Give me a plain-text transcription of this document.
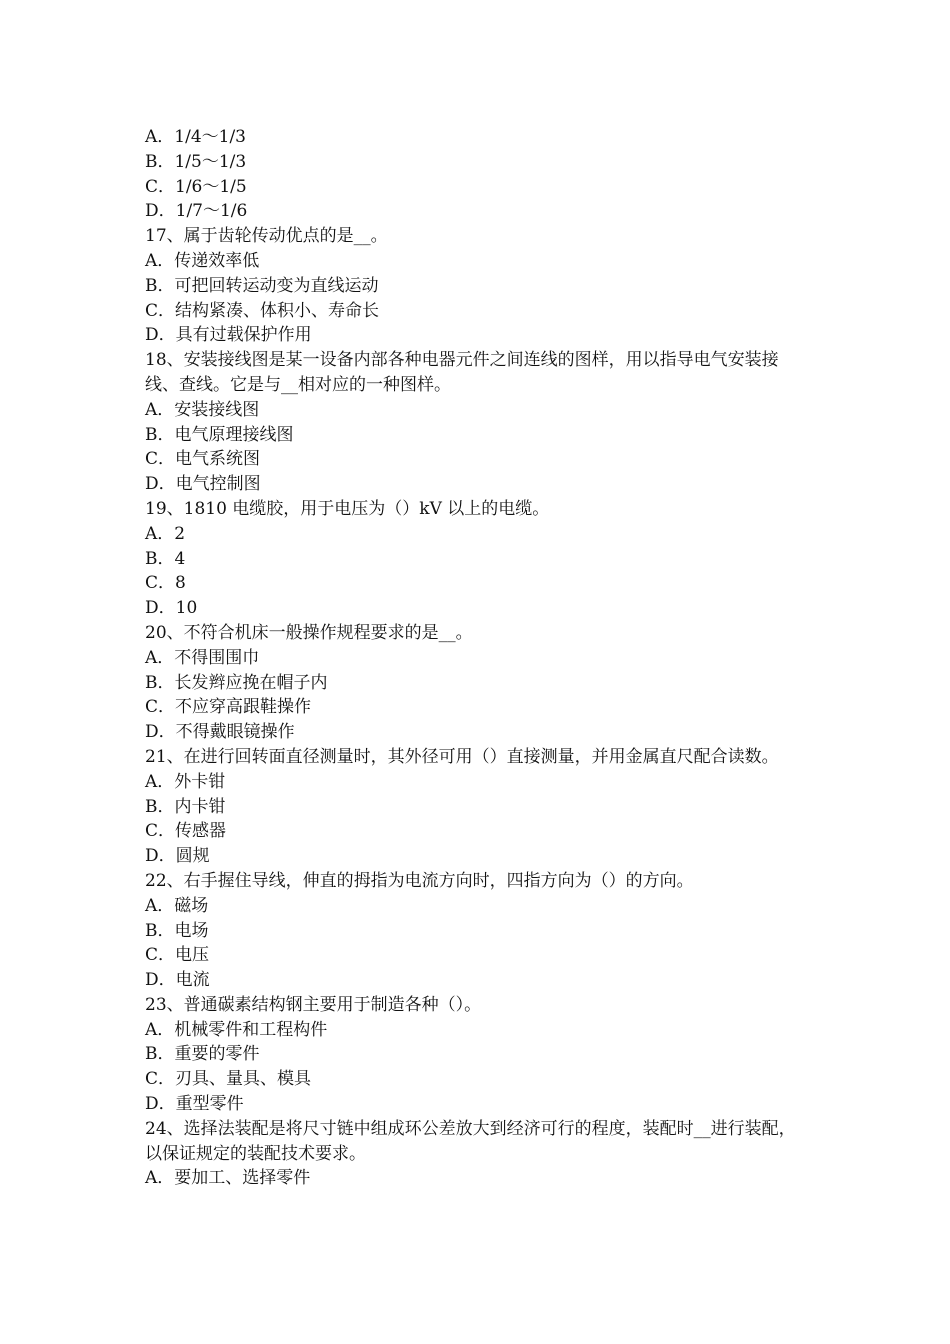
A．1/4～1/3

B．1/5～1/3

C．1/6～1/5

D．1/7～1/6

17、属于齿轮传动优点的是__。

A．传递效率低

B．可把回转运动变为直线运动

C．结构紧凑、体积小、寿命长

D．具有过载保护作用

18、安装接线图是某一设备内部各种电器元件之间连线的图样，用以指导电气安装接线、查线。它是与__相对应的一种图样。

A．安装接线图

B．电气原理接线图

C．电气系统图

D．电气控制图

19、1810 电缆胶，用于电压为（）kV 以上的电缆。

A．2

B．4

C．8

D．10

20、不符合机床一般操作规程要求的是__。

A．不得围围巾

B．长发辫应挽在帽子内

C．不应穿高跟鞋操作

D．不得戴眼镜操作

21、在进行回转面直径测量时，其外径可用（）直接测量，并用金属直尺配合读数。

A．外卡钳

B．内卡钳

C．传感器

D．圆规

22、右手握住导线，伸直的拇指为电流方向时，四指方向为（）的方向。

A．磁场

B．电场

C．电压

D．电流

23、普通碳素结构钢主要用于制造各种（）。

A．机械零件和工程构件

B．重要的零件

C．刃具、量具、模具

D．重型零件

24、选择法装配是将尺寸链中组成环公差放大到经济可行的程度，装配时__进行装配，以保证规定的装配技术要求。

A．要加工、选择零件
